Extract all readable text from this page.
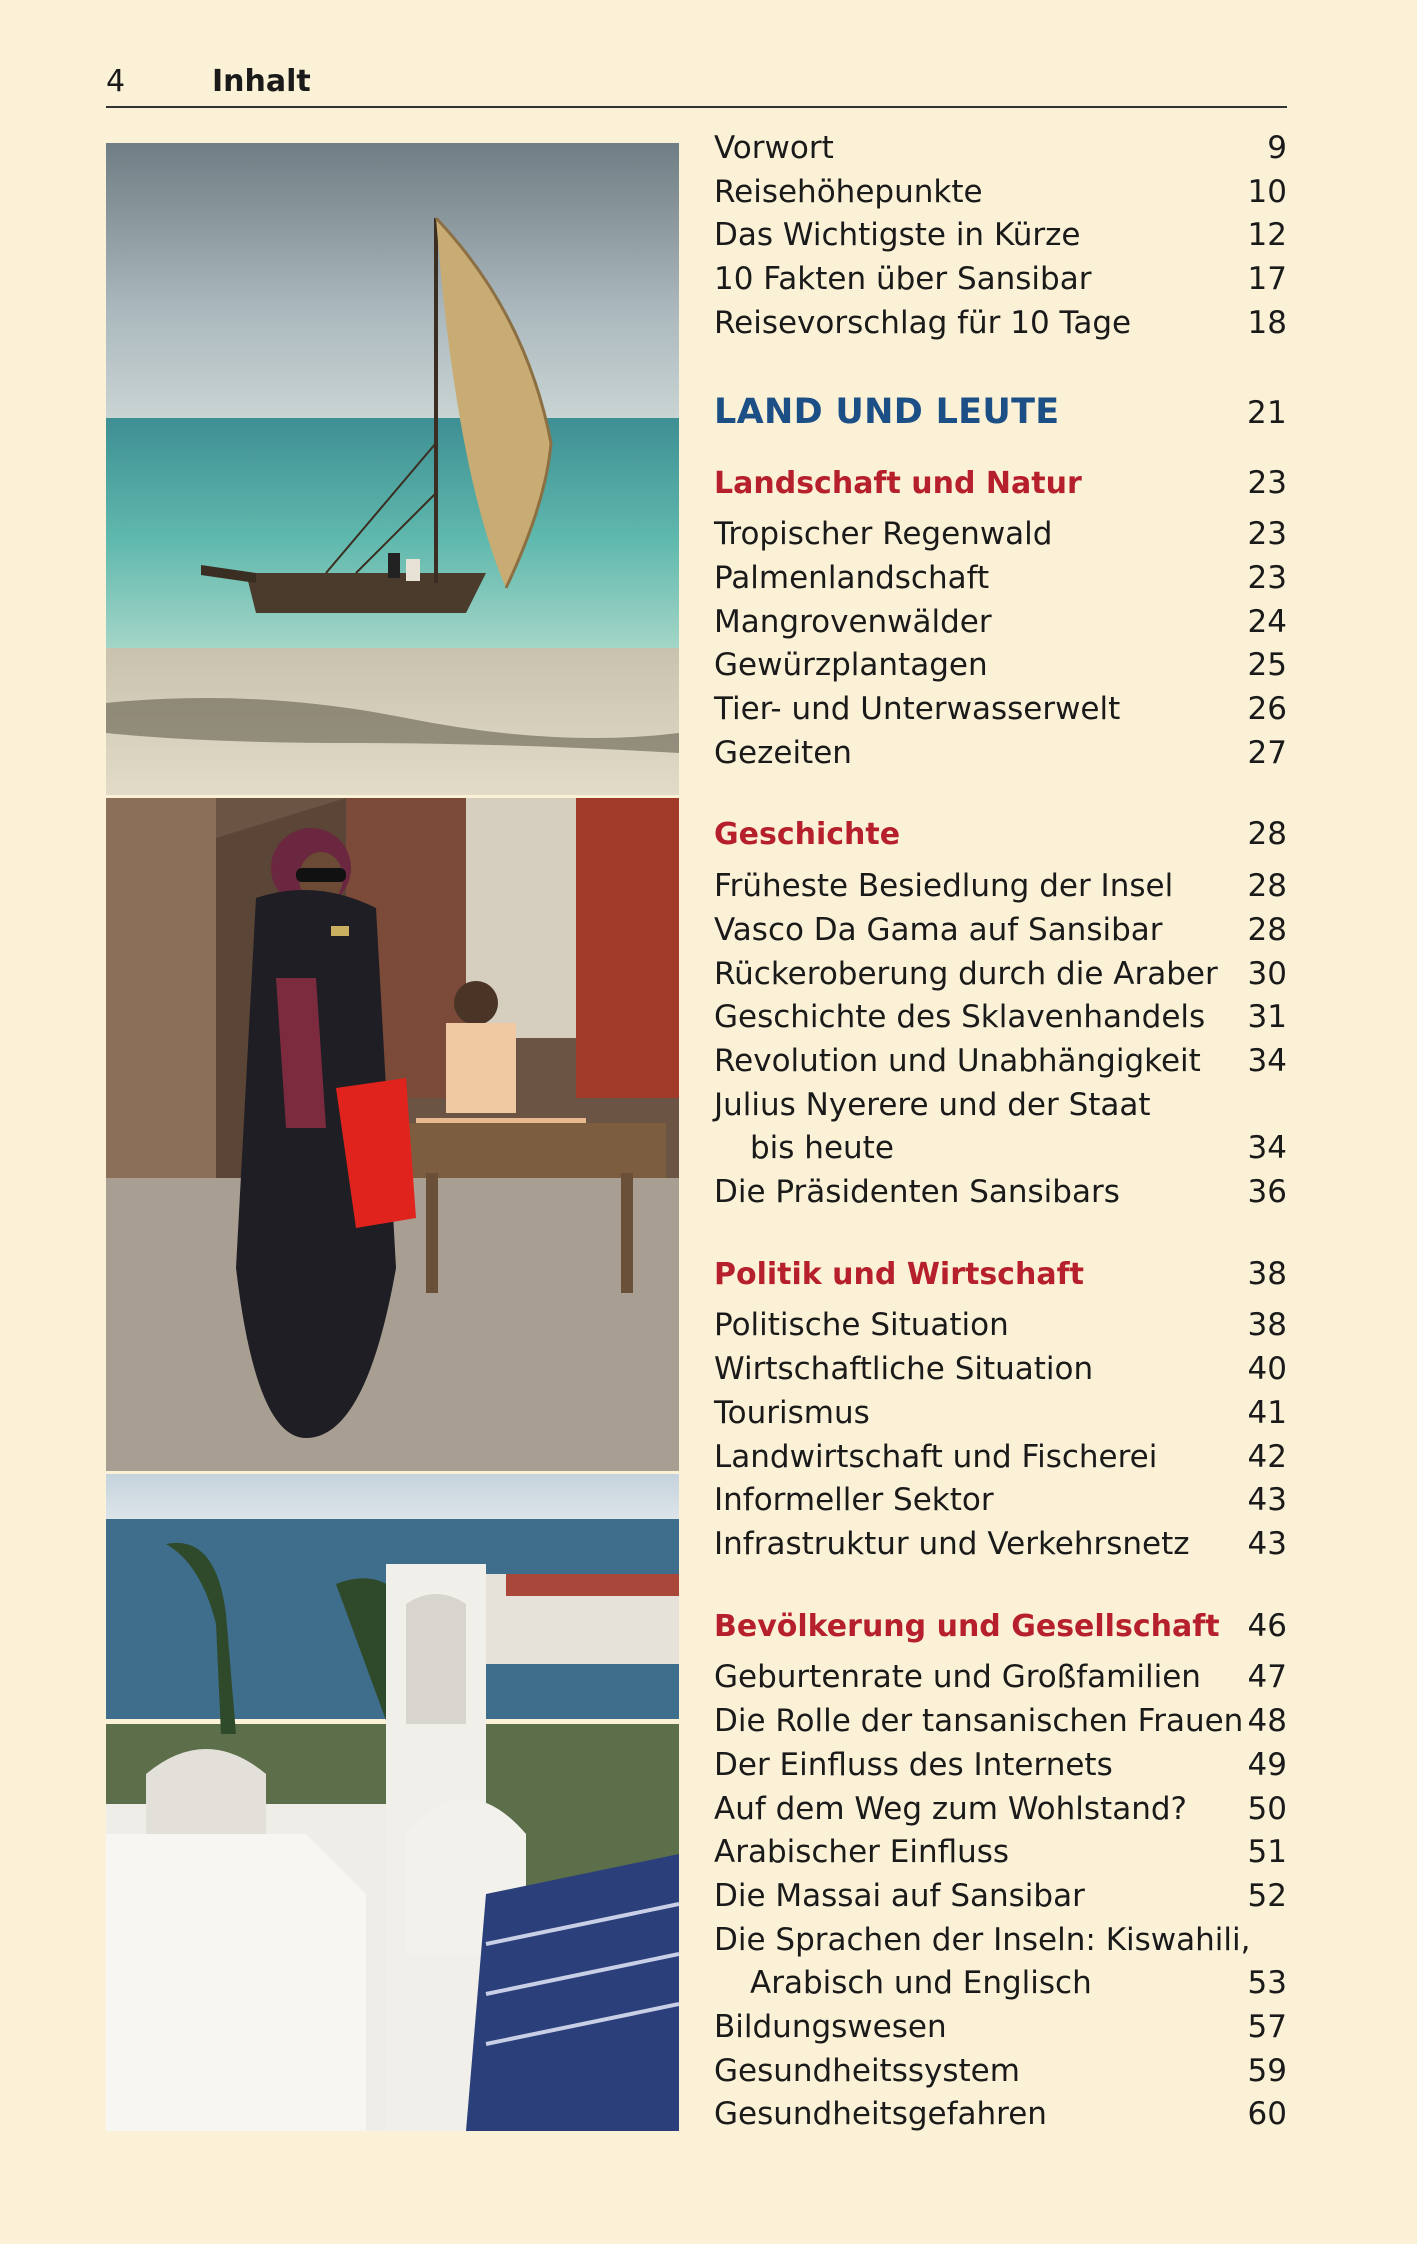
4	Inhalt
Vorwort	9
Reisehöhepunkte	10
Das Wichtigste in Kürze	12
10 Fakten über Sansibar	17
Reisevorschlag für 10 Tage	18
LAND UND LEUTE	21
Landschaft und Natur	23
Tropischer Regenwald	23
Palmenlandschaft	23
Mangrovenwälder	24
Gewürzplantagen	25
Tier- und Unterwasserwelt	26
Gezeiten	27
Geschichte	28
Früheste Besiedlung der Insel 28
Vasco Da Gama auf Sansibar	28
Rückeroberung durch die Araber 30
Geschichte des Sklavenhandels 31
Revolution und Unabhängigkeit 34
Julius Nyerere und der Staat
bis heute	34
Die Präsidenten Sansibars	36
Politik und Wirtschaft	38
Politische Situation	38
Wirtschaftliche Situation	40
Tourismus	41
Landwirtschaft und Fischerei	42
Informeller Sektor	43
Infrastruktur und Verkehrsnetz 43
Bevölkerung und Gesellschaft 46
Geburtenrate und Großfamilien 47
Die Rolle der tansanischen Frauen 48
Der Einfluss des Internets	49
Auf dem Weg zum Wohlstand? 50
Arabischer Einfluss	51
Die Massai auf Sansibar	52
Die Sprachen der Inseln: Kiswahili,
Arabisch und Englisch	53
Bildungswesen	57
Gesundheitssystem	59
Gesundheitsgefahren	60
